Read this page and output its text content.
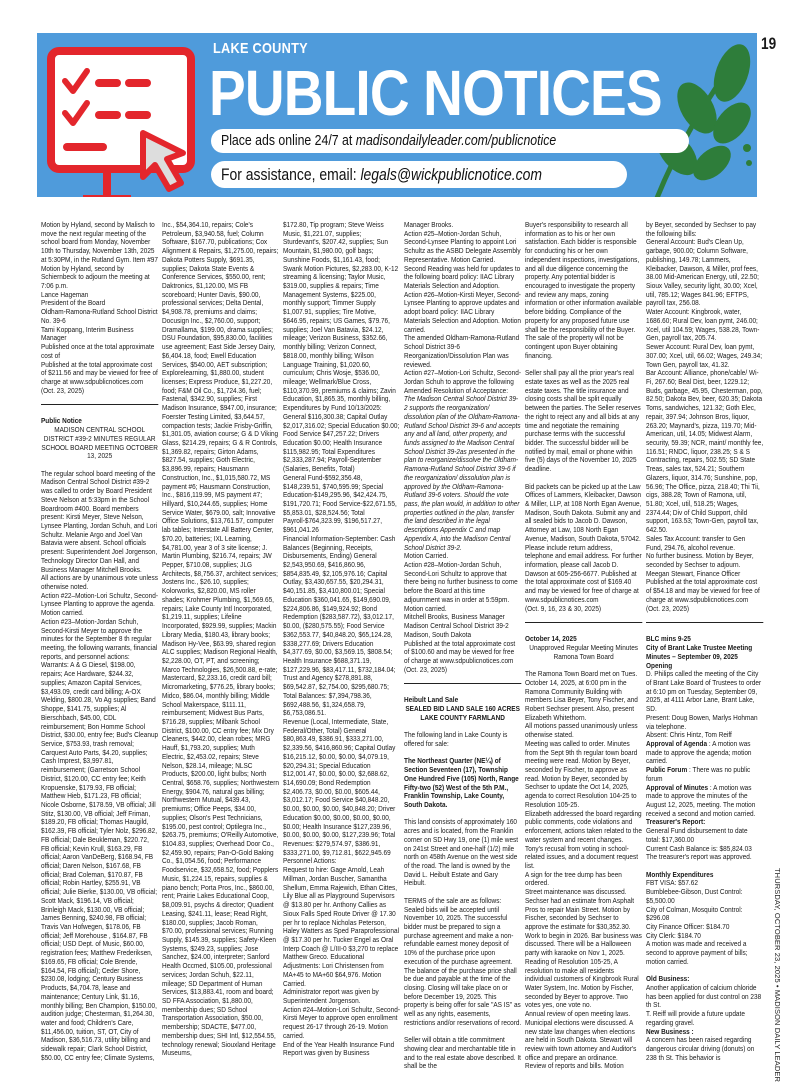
19
LAKE COUNTY
PUBLIC NOTICES
Place ads online 24/7 at madisondailyleader.com/publicnotice
For assistance, email: legals@wickpublicnotice.com
Motion by Hyland, second by Malisch to move the next regular meeting of the school board from Monday, November 10th to Thursday, November 13th, 2025 at 5:30PM, in the Rutland Gym. Item #97 Motion by Hyland, second by Schiernbeck to adjourn the meeting at 7:06 p.m.
Lance Hageman
President of the Board
Oldham-Ramona-Rutland School District No. 39-6
Tami Koppang, Interim Business Manager
Published once at the total approximate cost of
Published at the total approximate cost of $211.56 and may be viewed for free of charge at www.sdpublicnotices.com
(Oct. 23, 2025)
Public Notice
MADISON CENTRAL SCHOOL DISTRICT #39-2 MINUTES REGULAR SCHOOL BOARD MEETING OCTOBER 13, 2025
The regular school board meeting of the Madison Central School District #39-2 was called to order by Board President Steve Nelson at 5:33pm in the School Boardroom #400. Board members present: Kirsti Meyer, Steve Nelson, Lynsee Planting, Jordan Schuh, and Lori Schultz. Melanie Argo and Joel Van Batavia were absent. School officials present: Superintendent Joel Jorgenson, Technology Director Dan Hall, and Business Manager Mitchell Brooks.
All actions are by unanimous vote unless otherwise noted.
Action #22–Motion-Lori Schultz, Second-Lynsee Planting to approve the agenda. Motion carried.
Action #23–Motion-Jordan Schuh, Second-Kirsti Meyer to approve the minutes for the September 8 th regular meeting, the following warrants, financial reports, and personnel actions:
Warrants: A & G Diesel, $198.00, repairs; Ace Hardware, $244.32, supplies; Amazon Capital Services, $3,493.09, credit card billing; A-OX Welding, $800.28, Vo Ag supplies; Band Shoppe, $141.75, supplies; Al Bierschbach, $45.00, CDL reimbursement; Bon Homme School District, $30.00, entry fee; Bud's Cleanup Service, $753.93, trash removal; Carquest Auto Parts, $4.20, supplies; Cash Imprest, $3,997.81, reimbursement; (Garretson School District, $120.00, CC entry fee; Keith Kropuenske, $179.93, FB official; Matthew Hieb, $171.23, FB official; Nicole Osborne, $178.59, VB official; Jill Stitz, $130.00, VB official; Jeff Friman, $189.20, FB official; Thomas Haugild, $162.39, FB official; Tyler Nolz, $296.82, FB official; Dale Beukleman, $220.72, FB official; Kevin Krull, $163.29, FB official; Aaron VanDeBerg, $168.94, FB official; Daren Nelson, $167.68, FB official; Brad Coleman, $170.87, FB official; Robin Hartley, $255.91, VB official; Julie Bierke, $130.00, VB official; Scott Mack, $196.14, VB official; Brinleigh Mack, $130.00, VB official; James Benning, $240.98, FB official; Travis Van Hofwegen, $178.06, FB official; Jeff Morehouse , $164.87, FB official; USD Dept. of Music, $60.00, registration fees; Matthew Frederiksen, $169.65, FB official; Cole Brende, $164.54, FB official); Ceder Shore, $230.08, lodging; Century Business Products, $4,704.78, lease and maintenance; Century Link, $1.16, monthly billing; Ben Champion, $150.00, audition judge; Chesterman, $1,264.30, water and food; Children's Care, $11,456.00, tuition, ST, OT, City of Madison, $36,516.73, utility billing and sidewalk repair; Clark School District, $50.00, CC entry fee; Climate Systems,
Inc., $54,364.10, repairs; Cole's Petroleum, $3,940.58, fuel; Column Software, $167.70, publications; Cox Alignment & Repairs, $1,275.00, repairs; Dakota Potters Supply, $691.35, supplies; Dakota State Events & Conference Services, $550.00, rent; Daktronics, $1,120.00, MS FB scoreboard; Hunter Davis, $90.00, professional services; Delta Dental, $4,908.78, premiums and claims; Docusign Inc., $2,760.00, support; Dramallama, $199.00, drama supplies; DSU Foundation, $95,830.00, facilities use agreement; East Side Jersey Dairy, $6,404.18, food; Ewell Education Services, $540.00, AET subscription; Explorelearning, $1,880.00, student licenses; Express Produce, $1,227.20, food; F&M Oil Co., $1,724.36, fuel; Fastenal, $342.90, supplies; First Madison Insurance, $947.00, insurance; Foerster Testing Limited, $3,644.57, compaction tests; Jackie Frisby-Griffin, $1,301.05, aviation course; G & D Viking Glass, $214.29, repairs; G & R Controls, $1,369.82, repairs; Girton Adams, $827.54, supplies; Goth Electric, $3,896.99, repairs; Hausmann Construction, Inc., $1,015,580.72, MS payment #6; Hausmann Construction, Inc., $816,119.99, MS payment #7; Hillyard, $10,244.65, supplies; Home Service Water, $679.00, salt; Innovative Office Solutions, $13,761.57, computer lab tables; Interstate All Battery Center, $70.20, batteries; IXL Learning, $4,781.00, year 3 of 3 site license; J. Martin Plumbing, $216.74, repairs; JW Pepper, $710.08, supplies; JLG Architects, $8,756.37, architect services; Jostens Inc., $26.10, supplies; Kolorworks, $2,820.00, MS roller shades; Krohmer Plumbing, $1,569.65, repairs; Lake County Intl Incorporated, $1,219.11, supplies; Lifeline Incorporated, $929.99, supplies; Mackin Library Media, $180.43, library books; Madison Hy-Vee, $63.99, shared region ALC supplies; Madison Regional Health, $2,228.00, OT, PT, and screening; Marco Technologies, $26,500.88, e-rate; Mastercard, $2,233.16, credit card bill; Micromarketing, $776.25, library books; Midco, $86.04, monthly billing; Middle School Makerspace, $111.11, reimbursement; Midwest Bus Parts, $716.28, supplies; Milbank School District, $100.00, CC entry fee; Mix Dry Cleaners, $442.00, clean robes; MRG Hauff, $1,793.20, supplies; Muth Electric, $2,453.02, repairs; Steve Nelson, $28.14, mileage; NLSC Products, $200.00, light bulbs; North Central, $658.76, supplies; Northwestern Energy, $904.76, natural gas billing; Northwestern Mutual, $439.43, premiums; Office Peeps, $34.00, supplies; Olson's Pest Technicians, $195.00, pest control; Optilegra Inc., $263.75, premiums; O'Reilly Automotive, $104.83, supplies; Overhead Door Co., $2,459.90, repairs; Pan-O-Gold Baking Co., $1,054.56, food; Performance Foodservice, $32,658.52, food; Popplers Music, $1,224.15, repairs, supplies & piano bench; Porta Pros, Inc., $860.00, rent; Prairie Lakes Educational Coop, $8,009.91, psychs & director; Quadient Leasing, $241.11, lease; Read Right, $180.00, supplies; Jacob Roman, $70.00, professional services; Running Supply, $145.39, supplies; Safety-Kleen Systems, $249.23, supplies; Jose Sanchez, $24.00, interpreter; Sanford Health Occmed, $105.00, professional services; Jordan Schuh, $22.11, mileage; SD Department of Human Services, $13,883.41, room and board; SD FFA Association, $1,880.00, membership dues; SD School Transportation Association, $50.00, membership; SDACTE, $477.00, membership dues; SHI Intl, $12,554.55, technology renewal; Siouxland Heritage Museums,
$172.80, Tip program; Steve Weiss Music, $1,221.07, supplies; Sturdevant's, $207.42, supplies; Sun Mountain, $1,980.00, golf bags; Sunshine Foods, $1,161.43, food; Swank Motion Pictures, $2,283.00, K-12 streaming & licensing; Taylor Music, $319.00, supplies & repairs; Time Management Systems, $225.00, monthly support; Timmer Supply $1,007.91, supplies; Tire Motive, $646.95, repairs; US Games, $79.76, supplies; Joel Van Batavia, $24.12, mileage; Verizon Business, $352.66, monthly billing; Verizon Connect, $818.00, monthly billing; Wilson Language Training, $1,020.60, curriculum; Chris Wosje, $536.00, mileage; Wellmark/Blue Cross, $110,370.99, premiums & claims; Zavin Education, $1,865.35, monthly billing,
Expenditures by Fund 10/13/2025: General $116,300.38; Capital Outlay $2,017,316.02; Special Education $0.00; Food Service $47,257.22; Drivers Education $0.00; Health Insurance $115,982.95; Total Expenditures $2,333,287.94; Payroll-September (Salaries, Benefits, Total)
General Fund-$592,356.48, $148,239.51, $740,595.99; Special Education-$149,295.96, $42,424.75, $191,720.71; Food Service-$22,671.55, $5,853.01, $28,524.56; Total Payroll-$764,323.99, $196,517.27, $961,041.26
Financial Information-September: Cash Balances (Beginning, Receipts, Disbursements, Ending) General $2,543,950.69, $416,860.96, $854,835.49, $2,105,976.16; Capital Outlay, $3,430,657.55, $20,294.31, $40,151.85, $3,410,800.01; Special Education $360,041.65, $149,690.09, $224,806.86, $149,924.92; Bond Redemption ($283,587.72), $3,012.17, $0.00, ($280,575.55); Food Service $362,553.77, $40,848.20, $65,124.28, $338,277.69; Drivers Education $4,377.69, $0.00, $3,569.15, $808.54; Health Insurance $688,371.19, $127,229.96, $83,417.11, $732,184.04; Trust and Agency $278,891.88, $69,542.87, $2,754.00, $295,680.75; Total Balances: $7,394,798.36, $692,488.56, $1,324,658.79, $6,753,086.51.
Revenue (Local, Intermediate, State, Federal/Other, Total) General $80,863.49, $386.91, $333,271.00, $2,339.56, $416,860.96; Capital Outlay $16,215.12, $0.00, $0.00, $4,079.19, $20,294.31; Special Education $12,001.47, $0.00, $0.00, $2,688.62, $14,690.09; Bond Redemption $2,406.73, $0.00, $0.00, $605.44, $3,012.17; Food Service $40,848.20, $0.00, $0.00, $0.00, $40,848.20; Driver Education $0.00, $0.00, $0.00, $0.00, $0.00; Health Insurance $127,239.96, $0.00, $0.00, $0.00, $127,239.96; Total Revenues: $279,574.97, $386.91, $333,271.00, $9,712.81, $622,945.69
Personnel Actions:
Request to hire: Gage Arnold, Leah Millman, Jordan Buscher, Samantha Shellum, Emma Rajewich, Ethan Cittes, Lily Blue all as Playground Supervisors @ $13.80 per hr. Anthony Callies as Sioux Falls Sped Route Driver @ 17.30 per hr to replace Nicholas Peterson, Haley Watters as Sped Paraprofessional @ $17.30 per hr. Tucker Engel as Oral Interp Coach @ L/III-0 $3,270 to replace Matthew Greco. Educational Adjustments: Lori Christensen from MA+45 to MA+60 $64,976. Motion Carried.
Administrator report was given by Superintendent Jorgenson.
Action #24–Motion-Lori Schultz, Second-Kirsti Meyer to approve open enrollment request 26-17 through 26-19. Motion carried.
End of the Year Health Insurance Fund Report was given by Business
Manager Brooks.
Action #25–Motion-Jordan Schuh, Second-Lynsee Planting to appoint Lori Schultz as the ASBD Delegate Assembly Representative. Motion Carried.
Second Reading was held for updates to the following board policy: IIAC Library Materials Selection and Adoption.
Action #26–Motion-Kirsti Meyer, Second-Lynsee Planting to approve updates and adopt board policy: IIAC Library Materials Selection and Adoption. Motion carried.
The amended Oldham-Ramona-Rutland School District 39-6 Reorganization/Dissolution Plan was reviewed.
Action #27–Motion-Lori Schultz, Second- Jordan Schuh to approve the following Amended Resolution of Acceptance:
The Madison Central School District 39-2 supports the reorganization/ dissolution plan of the Oldham-Ramona-Rutland School District 39-6 and accepts any and all land, other property, and funds assigned to the Madison Central School District 39-2as presented in the plan to reorganize/dissolve the Oldham-Ramona-Rutland School District 39-6 if the reorganization/ dissolution plan is approved by the Oldham-Ramona-Rutland 39-6 voters. Should the vote pass, the plan would, in addition to other properties outlined in the plan, transfer the land described in the legal descriptions Appendix C and map Appendix A, into the Madison Central School District 39-2.
Motion Carried.
Action #28–Motion-Jordan Schuh, Second-Lori Schultz to approve that there being no further business to come before the Board at this time adjournment was in order at 5:59pm. Motion carried.
Mitchell Brooks, Business Manager
Madison Central School District 39-2
Madison, South Dakota
Published at the total approximate cost of $100.60 and may be viewed for free of charge at www.sdpublicnotices.com
(Oct. 23, 2025)
Heibult Land Sale
SEALED BID LAND SALE 160 ACRES LAKE COUNTY FARMLAND
The following land in Lake County is offered for sale:
The Northeast Quarter (NE¼) of Section Seventeen (17), Township One Hundred Five (105) North, Range Fifty-two (52) West of the 5th P.M., Franklin Township, Lake County, South Dakota.
This land consists of approximately 160 acres and is located, from the Franklin corner on SD Hwy 19, one (1) mile west on 241st Street and one-half (1/2) mile north on 458th Avenue on the west side of the road. The land is owned by the David L. Heibult Estate and Gary Heibult.
TERMS of the sale are as follows: Sealed bids will be accepted until November 10, 2025. The successful bidder must be prepared to sign a purchase agreement and make a non-refundable earnest money deposit of 10% of the purchase price upon execution of the purchase agreement. The balance of the purchase price shall be due and payable at the time of the closing. Closing will take place on or before December 19, 2025. This property is being offer for sale "AS IS" as well as any rights, easements, restrictions and/or reservations of record.
Seller will obtain a title commitment showing clear and merchantable title in and to the real estate above described. It shall be the
Buyer's responsibility to research all information as to his or her own satisfaction. Each bidder is responsible for conducting his or her own independent inspections, investigations, and all due diligence concerning the property. Any potential bidder is encouraged to investigate the property and review any maps, zoning information or other information available before bidding. Compliance of the property for any proposed future use shall be the responsibility of the Buyer. The sale of the property will not be contingent upon Buyer obtaining financing.
Seller shall pay all the prior year's real estate taxes as well as the 2025 real estate taxes. The title insurance and closing costs shall be split equally between the parties. The Seller reserves the right to reject any and all bids at any time and negotiate the remaining purchase terms with the successful bidder. The successful bidder will be notified by mail, email or phone within five (5) days of the November 10, 2025 deadline.
Bid packets can be picked up at the Law Offices of Lammers, Kleibacker, Dawson & Miller, LLP, at 108 North Egan Avenue, Madison, South Dakota. Submit any and all sealed bids to Jacob D. Dawson, Attorney at Law, 108 North Egan Avenue, Madison, South Dakota, 57042. Please include return address, telephone and email address. For further information, please call Jacob D. Dawson at 605-256-6677. Published at the total approximate cost of $169.40 and may be viewed for free of charge at www.sdpublicnotices.com
(Oct. 9, 16, 23 & 30, 2025)
October 14, 2025
Unapproved Regular Meeting Minutes Ramona Town Board
The Ramona Town Board met on Tues. October 14, 2025, at 6:00 pm in the Ramona Community Building with members Lisa Beyer, Tony Fischer, and Robert Sechser present. Also, present Elizabeth Whitethorn.
All motions passed unanimously unless otherwise stated.
Meeting was called to order. Minutes from the Sept 9th th regular town board meeting were read. Motion by Beyer, seconded by Fischer, to approve as read. Motion by Beyer, seconded by Sechser to update the Oct 14, 2025, agenda to correct Resolution 104-25 to Resolution 105-25.
Elizabeth addressed the board regarding public comments, code violations and enforcement, actions taken related to the water system and recent changes. Tony's recusal from voting in school-related issues, and a document request list.
A sign for the tree dump has been ordered.
Street maintenance was discussed. Sechser had an estimate from Asphalt Pros to repair Main Street. Motion by Fischer, seconded by Sechser to approve the estimate for $30,352.30. Work to begin in 2026. Bar business was discussed. There will be a Halloween party with karaoke on Nov 1, 2025.
Reading of Resolution 105-25, A resolution to make all residents individual customers of Kingbrook Rural Water System, Inc. Motion by Fischer, seconded by Beyer to approve. Two votes yes, one vote no.
Annual review of open meeting laws. Municipal elections were discussed. A new state law changes when elections are held in South Dakota. Stewart will review with town attorney and Auditor's office and prepare an ordinance.
Review of reports and bills. Motion
by Beyer, seconded by Sechser to pay the following bills:
General Account: Bud's Clean Up, garbage, 900.00; Column Software, publishing, 149.78; Lammers, Kleibacker, Dawson, & Miller, prof fees, 38.00 Mid-American Energy, util, 22.50; Sioux Valley, security light, 30.00; Xcel, util, 785.12; Wages 841.96; EFTPS, payroll tax, 256.08.
Water Account: Kingbrook, water, 1686.60; Rural Dev, loan pymt, 246.00; Xcel, util 104.59; Wages, 538.28, Town-Gen, payroll tax, 205.74.
Sewer Account: Rural Dev, loan pymt, 307.00; Xcel, util, 66.02; Wages, 249.34; Town Gen, payroll tax, 41.32.
Bar Account: Alliance, phone/cable/ Wi-Fi, 267.60; Beal Dist, beer, 1229.12; Buds, garbage, 45.95, Chesterman, pop, 82.50; Dakota Bev, beer, 620.35; Dakota Toms, sandwiches, 121.32; Goth Elec, repair, 397.94; Johnson Bros, liquor, 263.20; Maynard's, pizza, 119.70; Mid-American, util, 14.05; Midwest Alarm, security, 59.39; NCR, maint/ monthly fee, 116.51; RNDC, liquor, 238.25; S & S Contracting, repairs, 502.55; SD State Treas, sales tax, 524.21; Southern Glazers, liquor, 314.76; Sunshine, pop, 56.96; The Office, pizza, 218.40; Thi Tii, cigs, 388.28; Town of Ramona, util, 51.80; Xcel, util, 518.25; Wages, 2374.44; Div of Child Support, child support, 163.53; Town-Gen, payroll tax, 642.50.
Sales Tax Account: transfer to Gen Fund, 294.76, alcohol revenue.
No further business. Motion by Beyer, seconded by Sechser to adjourn.
Meegan Stewart, Finance Officer Published at the total approximate cost of $54.18 and may be viewed for free of charge at www.sdpublicnotices.com
(Oct. 23, 2025)
BLC mins 9-25
City of Brant Lake Trustee Meeting Minutes – September 09, 2025 Opening
D. Philips called the meeting of the City of Brant Lake Board of Trustees to order at 6:10 pm on Tuesday, September 09, 2025, at 4111 Arbor Lane, Brant Lake, SD.
Present: Doug Bowen, Marlys Hohman via telephone.
Absent: Chris Hintz, Tom Reiff
Approval of Agenda : A motion was made to approve the agenda; motion carried.
Public Forum : There was no public forum
Approval of Minutes : A motion was made to approve the minutes of the August 12, 2025, meeting. The motion received a second and motion carried.
Treasurer's Report:
General Fund disbursement to date total: $17,360.00
Current Cash Balance is: $85,824.03
The treasurer's report was approved.
Monthly Expenditures
FBT VISA: $57.62
Bumblebee-Gibson, Dust Control: $5,500.00
City of Colman, Mosquito Control: $296.08
City Finance Officer: $184.70
City Clerk: $184.70
A motion was made and received a second to approve payment of bills; motion carried.
Old Business:
Another application of calcium chloride has been applied for dust control on 238 th St.
T. Reiff will provide a future update regarding gravel.
New Business :
A concern has been raised regarding dangerous circular driving (donuts) on 238 th St. This behavior is	THURSDAY, OCTOBER 23, 2025 • MADISON DAILY LEADER
